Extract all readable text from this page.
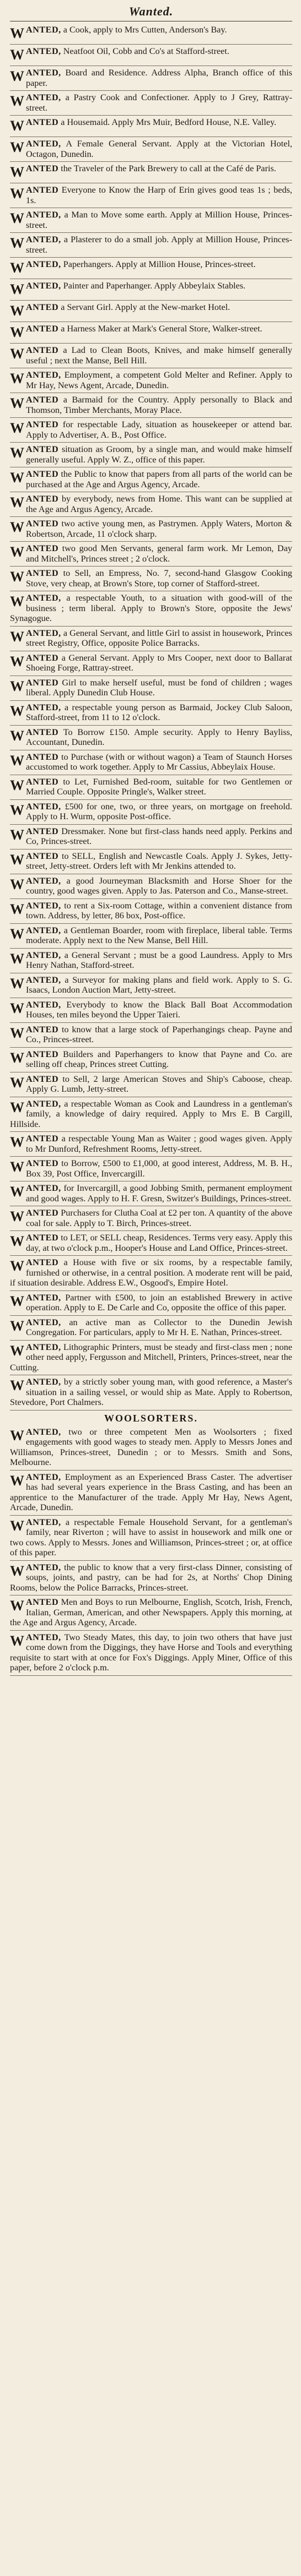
Wanted.
WANTED, a Cook, apply to Mrs Cutten, Anderson's Bay.
WANTED, Neatfoot Oil, Cobb and Co's at Stafford-street.
WANTED, Board and Residence. Address Alpha, Branch office of this paper.
WANTED, a Pastry Cook and Confectioner. Apply to J Grey, Rattray-street.
WANTED a Housemaid. Apply Mrs Muir, Bedford House, N.E. Valley.
WANTED, A Female General Servant. Apply at the Victorian Hotel, Octagon, Dunedin.
WANTED the Traveler of the Park Brewery to call at the Café de Paris.
WANTED Everyone to Know the Harp of Erin gives good teas 1s ; beds, 1s.
WANTED, a Man to Move some earth. Apply at Million House, Princes-street.
WANTED, a Plasterer to do a small job. Apply at Million House, Princes-street.
WANTED, Paperhangers. Apply at Million House, Princes-street.
WANTED, Painter and Paperhanger. Apply Abbeylaix Stables.
WANTED a Servant Girl. Apply at the New-market Hotel.
WANTED a Harness Maker at Mark's General Store, Walker-street.
WANTED a Lad to Clean Boots, Knives, and make himself generally useful ; next the Manse, Bell Hill.
WANTED, Employment, a competent Gold Melter and Refiner. Apply to Mr Hay, News Agent, Arcade, Dunedin.
WANTED a Barmaid for the Country. Apply personally to Black and Thomson, Timber Merchants, Moray Place.
WANTED for respectable Lady, situation as housekeeper or attend bar. Apply to Advertiser, A. B., Post Office.
WANTED situation as Groom, by a single man, and would make himself generally useful. Apply W. Z., office of this paper.
WANTED the Public to know that papers from all parts of the world can be purchased at the Age and Argus Agency, Arcade.
WANTED by everybody, news from Home. This want can be supplied at the Age and Argus Agency, Arcade.
WANTED two active young men, as Pastrymen. Apply Waters, Morton & Robertson, Arcade, 11 o'clock sharp.
WANTED two good Men Servants, general farm work. Mr Lemon, Day and Mitchell's, Princes street ; 2 o'clock.
WANTED to Sell, an Empress, No. 7, second-hand Glasgow Cooking Stove, very cheap, at Brown's Store, top corner of Stafford-street.
WANTED, a respectable Youth, to a situation with good-will of the business ; term liberal. Apply to Brown's Store, opposite the Jews' Synagogue.
WANTED, a General Servant, and little Girl to assist in housework, Princes street Registry, Office, opposite Police Barracks.
WANTED a General Servant. Apply to Mrs Cooper, next door to Ballarat Shoeing Forge, Rattray-street.
WANTED Girl to make herself useful, must be fond of children ; wages liberal. Apply Dunedin Club House.
WANTED, a respectable young person as Barmaid, Jockey Club Saloon, Stafford-street, from 11 to 12 o'clock.
WANTED To Borrow £150. Ample security. Apply to Henry Bayliss, Accountant, Dunedin.
WANTED to Purchase (with or without wagon) a Team of Staunch Horses accustomed to work together. Apply to Mr Cassius, Abbeylaix House.
WANTED to Let, Furnished Bed-room, suitable for two Gentlemen or Married Couple. Opposite Pringle's, Walker street.
WANTED, £500 for one, two, or three years, on mortgage on freehold. Apply to H. Wurm, opposite Post-office.
WANTED Dressmaker. None but first-class hands need apply. Perkins and Co, Princes-street.
WANTED to SELL, English and Newcastle Coals. Apply J. Sykes, Jetty-street, Jetty-street. Orders left with Mr Jenkins attended to.
WANTED, a good Journeyman Blacksmith and Horse Shoer for the country, good wages given. Apply to Jas. Paterson and Co., Manse-street.
WANTED, to rent a Six-room Cottage, within a convenient distance from town. Address, by letter, 86 box, Post-office.
WANTED, a Gentleman Boarder, room with fireplace, liberal table. Terms moderate. Apply next to the New Manse, Bell Hill.
WANTED, a General Servant ; must be a good Laundress. Apply to Mrs Henry Nathan, Stafford-street.
WANTED, a Surveyor for making plans and field work. Apply to S. G. Isaacs, London Auction Mart, Jetty-street.
WANTED, Everybody to know the Black Ball Boat Accommodation Houses, ten miles beyond the Upper Taieri.
WANTED to know that a large stock of Paperhangings cheap. Payne and Co., Princes-street.
WANTED Builders and Paperhangers to know that Payne and Co. are selling off cheap, Princes street Cutting.
WANTED to Sell, 2 large American Stoves and Ship's Caboose, cheap. Apply G. Lumb, Jetty-street.
WANTED, a respectable Woman as Cook and Laundress in a gentleman's family, a knowledge of dairy required. Apply to Mrs E. B Cargill, Hillside.
WANTED a respectable Young Man as Waiter ; good wages given. Apply to Mr Dunford, Refreshment Rooms, Jetty-street.
WANTED to Borrow, £500 to £1,000, at good interest, Address, M. B. H., Box 39, Post Office, Invercargill.
WANTED, for Invercargill, a good Jobbing Smith, permanent employment and good wages. Apply to H. F. Gresn, Switzer's Buildings, Princes-street.
WANTED Purchasers for Clutha Coal at £2 per ton. A quantity of the above coal for sale. Apply to T. Birch, Princes-street.
WANTED to LET, or SELL cheap, Residences. Terms very easy. Apply this day, at two o'clock p.m., Hooper's House and Land Office, Princes-street.
WANTED a House with five or six rooms, by a respectable family, furnished or otherwise, in a central position. A moderate rent will be paid, if situation desirable. Address E.W., Osgood's, Empire Hotel.
WANTED, Partner with £500, to join an established Brewery in active operation. Apply to E. De Carle and Co, opposite the office of this paper.
WANTED, an active man as Collector to the Dunedin Jewish Congregation. For particulars, apply to Mr H. E. Nathan, Princes-street.
WANTED, Lithographic Printers, must be steady and first-class men ; none other need apply, Fergusson and Mitchell, Printers, Princes-street, near the Cutting.
WANTED, by a strictly sober young man, with good reference, a Master's situation in a sailing vessel, or would ship as Mate. Apply to Robertson, Stevedore, Port Chalmers.
WOOLSORTERS.
WANTED, two or three competent Men as Woolsorters ; fixed engagements with good wages to steady men. Apply to Messrs Jones and Williamson, Princes-street, Dunedin ; or to Messrs. Smith and Sons, Melbourne.
WANTED, Employment as an Experienced Brass Caster. The advertiser has had several years experience in the Brass Casting, and has been an apprentice to the Manufacturer of the trade. Apply Mr Hay, News Agent, Arcade, Dunedin.
WANTED, a respectable Female Household Servant, for a gentleman's family, near Riverton ; will have to assist in housework and milk one or two cows. Apply to Messrs. Jones and Williamson, Princes-street ; or, at office of this paper.
WANTED, the public to know that a very first-class Dinner, consisting of soups, joints, and pastry, can be had for 2s, at Norths' Chop Dining Rooms, below the Police Barracks, Princes-street.
WANTED Men and Boys to run Melbourne, English, Scotch, Irish, French, Italian, German, American, and other Newspapers. Apply this morning, at the Age and Argus Agency, Arcade.
WANTED, Two Steady Mates, this day, to join two others that have just come down from the Diggings, they have Horse and Tools and everything requisite to start with at once for Fox's Diggings. Apply Miner, Office of this paper, before 2 o'clock p.m.
